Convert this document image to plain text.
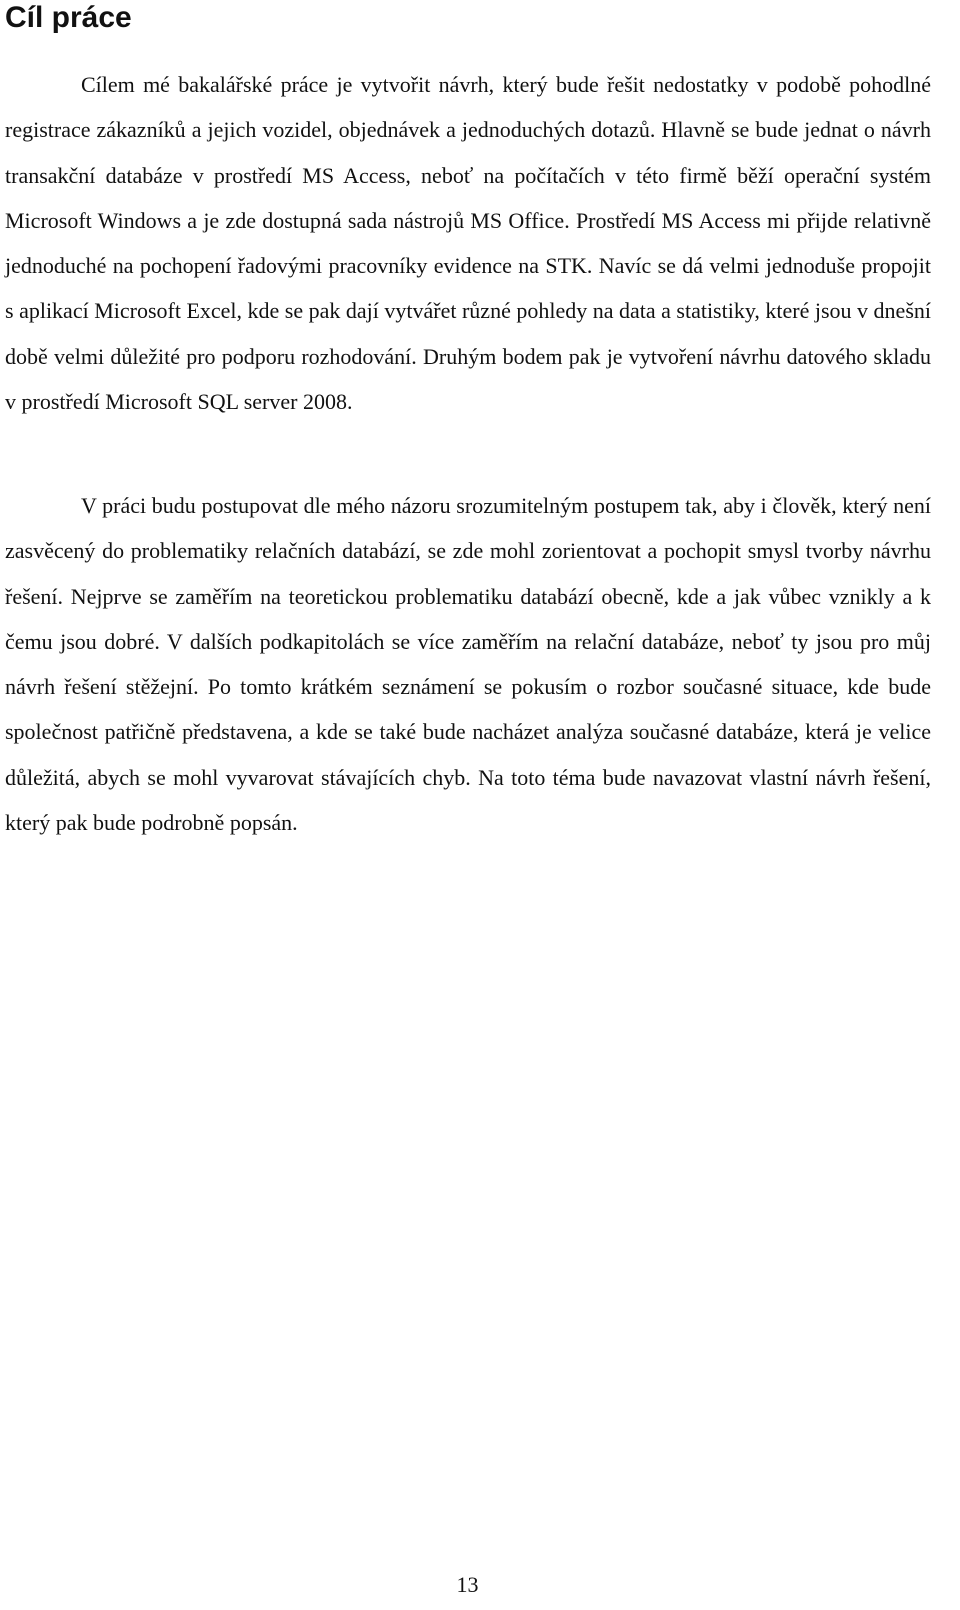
Cíl práce

Cílem mé bakalářské práce je vytvořit návrh, který bude řešit nedostatky v podobě pohodlné registrace zákazníků a jejich vozidel, objednávek a jednoduchých dotazů. Hlavně se bude jednat o návrh transakční databáze v prostředí MS Access, neboť na počítačích v této firmě běží operační systém Microsoft Windows a je zde dostupná sada nástrojů MS Office. Prostředí MS Access mi přijde relativně jednoduché na pochopení řadovými pracovníky evidence na STK. Navíc se dá velmi jednoduše propojit s aplikací Microsoft Excel, kde se pak dají vytvářet různé pohledy na data a statistiky, které jsou v dnešní době velmi důležité pro podporu rozhodování. Druhým bodem pak je vytvoření návrhu datového skladu v prostředí Microsoft SQL server 2008.

V práci budu postupovat dle mého názoru srozumitelným postupem tak, aby i člověk, který není zasvěcený do problematiky relačních databází, se zde mohl zorientovat a pochopit smysl tvorby návrhu řešení. Nejprve se zaměřím na teoretickou problematiku databází obecně, kde a jak vůbec vznikly a k čemu jsou dobré. V dalších podkapitolách se více zaměřím na relační databáze, neboť ty jsou pro můj návrh řešení stěžejní. Po tomto krátkém seznámení se pokusím o rozbor současné situace, kde bude společnost patřičně představena, a kde se také bude nacházet analýza současné databáze, která je velice důležitá, abych se mohl vyvarovat stávajících chyb. Na toto téma bude navazovat vlastní návrh řešení, který pak bude podrobně popsán.

13
